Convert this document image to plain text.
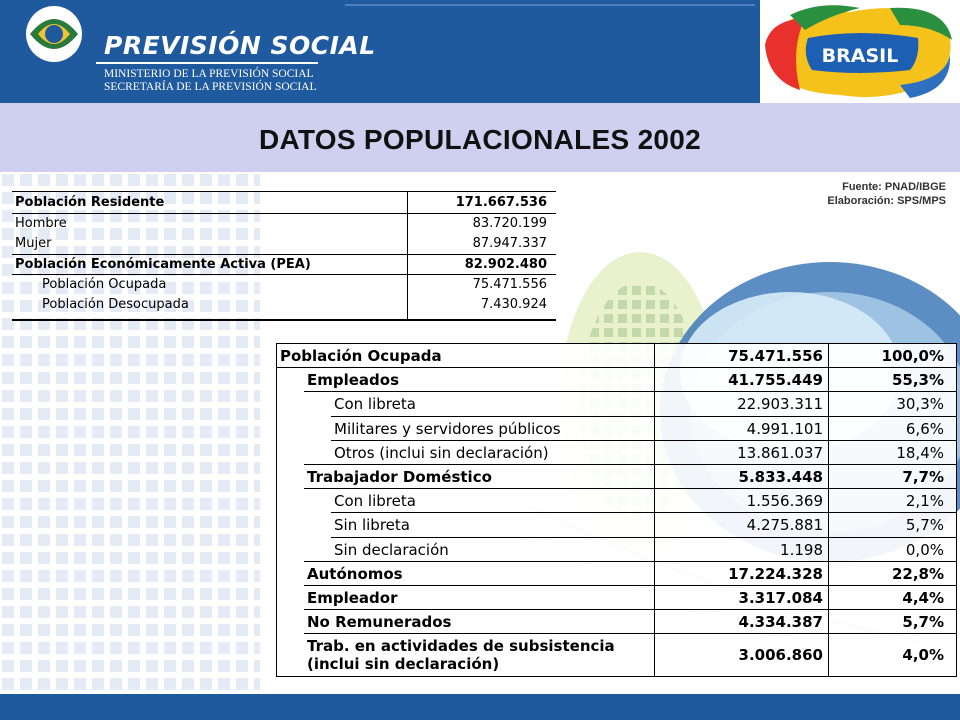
PREVISIÓN SOCIAL
MINISTERIO DE LA PREVISIÓN SOCIAL
SECRETARÍA DE LA PREVISIÓN SOCIAL
BRASIL
DATOS POPULACIONALES 2002
Fuente: PNAD/IBGE
Elaboración: SPS/MPS
Población Residente	171.667.536
Hombre	83.720.199
Mujer	87.947.337
Población Económicamente Activa (PEA)	82.902.480
Población Ocupada	75.471.556
Población Desocupada	7.430.924
Población Ocupada	75.471.556	100,0%
Empleados	41.755.449	55,3%
Con libreta	22.903.311	30,3%
Militares y servidores públicos	4.991.101	6,6%
Otros (inclui sin declaración)	13.861.037	18,4%
Trabajador Doméstico	5.833.448	7,7%
Con libreta	1.556.369	2,1%
Sin libreta	4.275.881	5,7%
Sin declaración	1.198	0,0%
Autónomos	17.224.328	22,8%
Empleador	3.317.084	4,4%
No Remunerados	4.334.387	5,7%
Trab. en actividades de subsistencia
(inclui sin declaración)	3.006.860	4,0%
